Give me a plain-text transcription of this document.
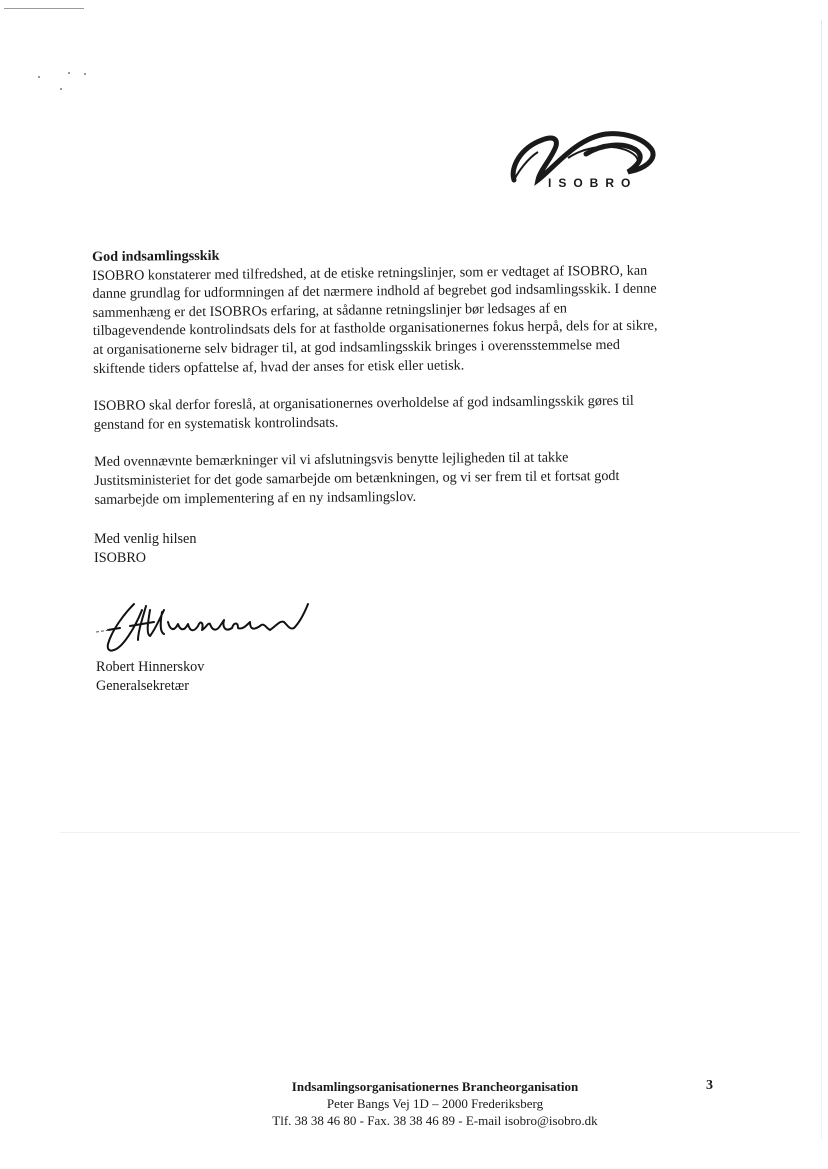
ISOBRO

God indsamlingsskik

ISOBRO konstaterer med tilfredshed, at de etiske retningslinjer, som er vedtaget af ISOBRO, kan
danne grundlag for udformningen af det nærmere indhold af begrebet god indsamlingsskik. I denne
sammenhæng er det ISOBROs erfaring, at sådanne retningslinjer bør ledsages af en
tilbagevendende kontrolindsats dels for at fastholde organisationernes fokus herpå, dels for at sikre,
at organisationerne selv bidrager til, at god indsamlingsskik bringes i overensstemmelse med
skiftende tiders opfattelse af, hvad der anses for etisk eller uetisk.

ISOBRO skal derfor foreslå, at organisationernes overholdelse af god indsamlingsskik gøres til
genstand for en systematisk kontrolindsats.

Med ovennævnte bemærkninger vil vi afslutningsvis benytte lejligheden til at takke
Justitsministeriet for det gode samarbejde om betænkningen, og vi ser frem til et fortsat godt
samarbejde om implementering af en ny indsamlingslov.

Med venlig hilsen
ISOBRO
Robert Hinnerskov
Generalsekretær
Indsamlingsorganisationernes Brancheorganisation
Peter Bangs Vej 1D – 2000 Frederiksberg
Tlf. 38 38 46 80 - Fax. 38 38 46 89 - E-mail isobro@isobro.dk
3
